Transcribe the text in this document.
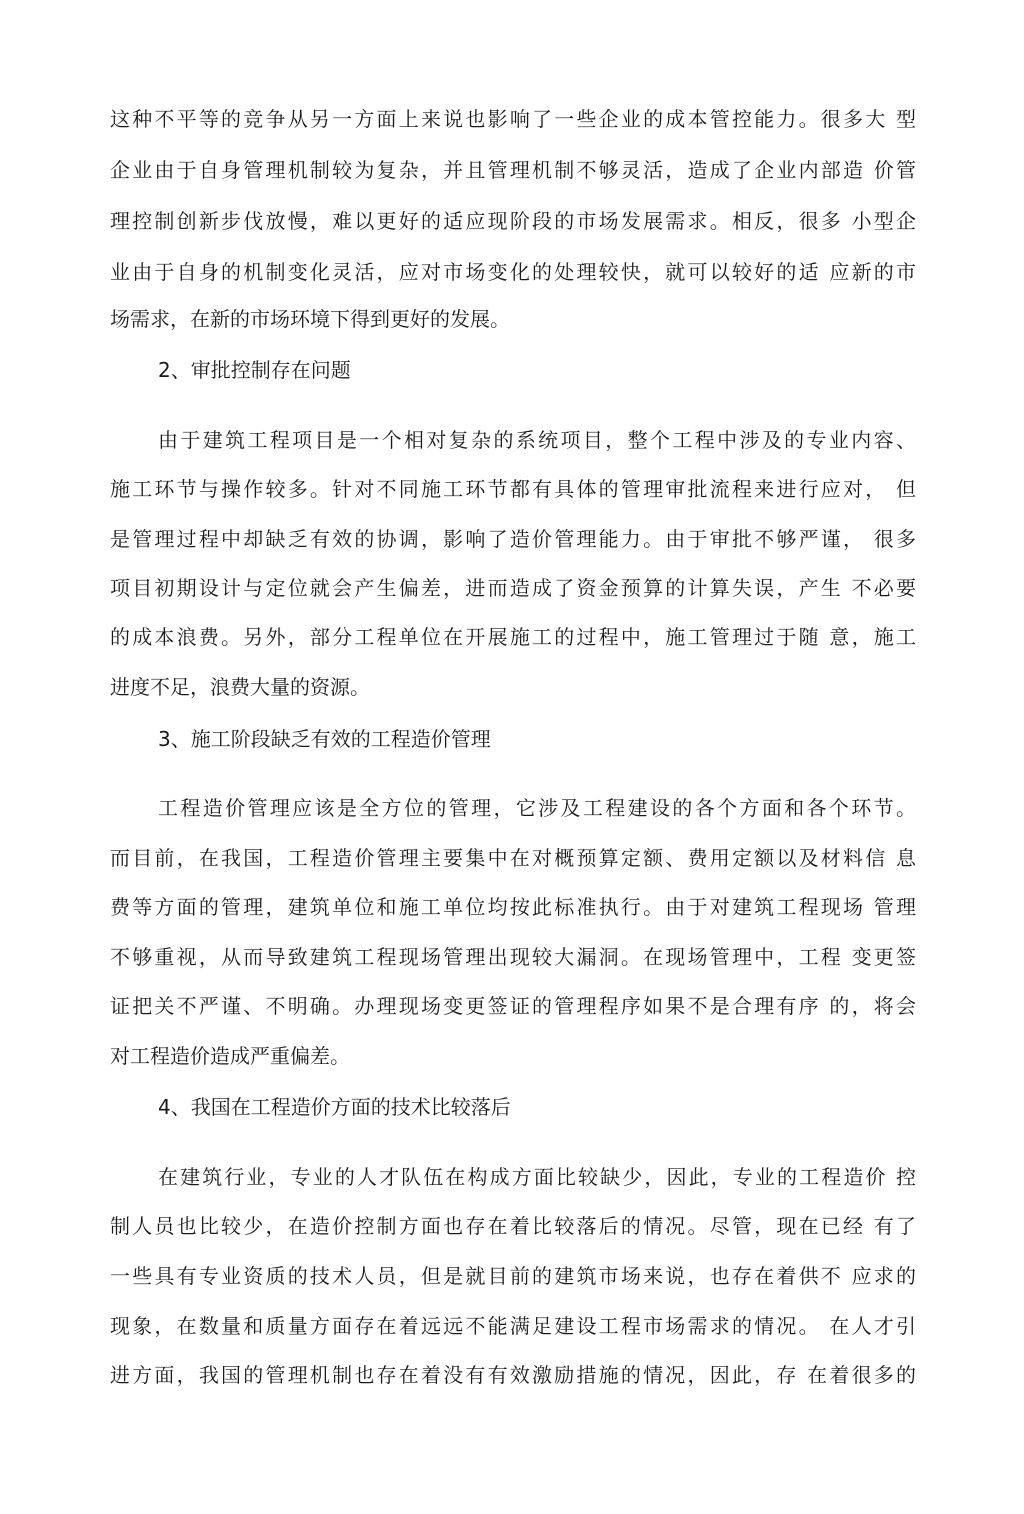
这种不平等的竞争从另一方面上来说也影响了一些企业的成本管控能力。很多大 型
企业由于自身管理机制较为复杂，并且管理机制不够灵活，造成了企业内部造 价管
理控制创新步伐放慢，难以更好的适应现阶段的市场发展需求。相反，很多 小型企
业由于自身的机制变化灵活，应对市场变化的处理较快，就可以较好的适 应新的市
场需求，在新的市场环境下得到更好的发展。
2、审批控制存在问题
由于建筑工程项目是一个相对复杂的系统项目，整个工程中涉及的专业内容、
施工环节与操作较多。针对不同施工环节都有具体的管理审批流程来进行应对， 但
是管理过程中却缺乏有效的协调，影响了造价管理能力。由于审批不够严谨， 很多
项目初期设计与定位就会产生偏差，进而造成了资金预算的计算失误，产生 不必要
的成本浪费。另外，部分工程单位在开展施工的过程中，施工管理过于随 意，施工
进度不足，浪费大量的资源。
3、施工阶段缺乏有效的工程造价管理
工程造价管理应该是全方位的管理，它涉及工程建设的各个方面和各个环节。
而目前，在我国，工程造价管理主要集中在对概预算定额、费用定额以及材料信 息
费等方面的管理，建筑单位和施工单位均按此标准执行。由于对建筑工程现场 管理
不够重视，从而导致建筑工程现场管理出现较大漏洞。在现场管理中，工程 变更签
证把关不严谨、不明确。办理现场变更签证的管理程序如果不是合理有序 的，将会
对工程造价造成严重偏差。
4、我国在工程造价方面的技术比较落后
在建筑行业，专业的人才队伍在构成方面比较缺少，因此，专业的工程造价 控
制人员也比较少，在造价控制方面也存在着比较落后的情况。尽管，现在已经 有了
一些具有专业资质的技术人员，但是就目前的建筑市场来说，也存在着供不 应求的
现象，在数量和质量方面存在着远远不能满足建设工程市场需求的情况。 在人才引
进方面，我国的管理机制也存在着没有有效激励措施的情况，因此，存 在着很多的
